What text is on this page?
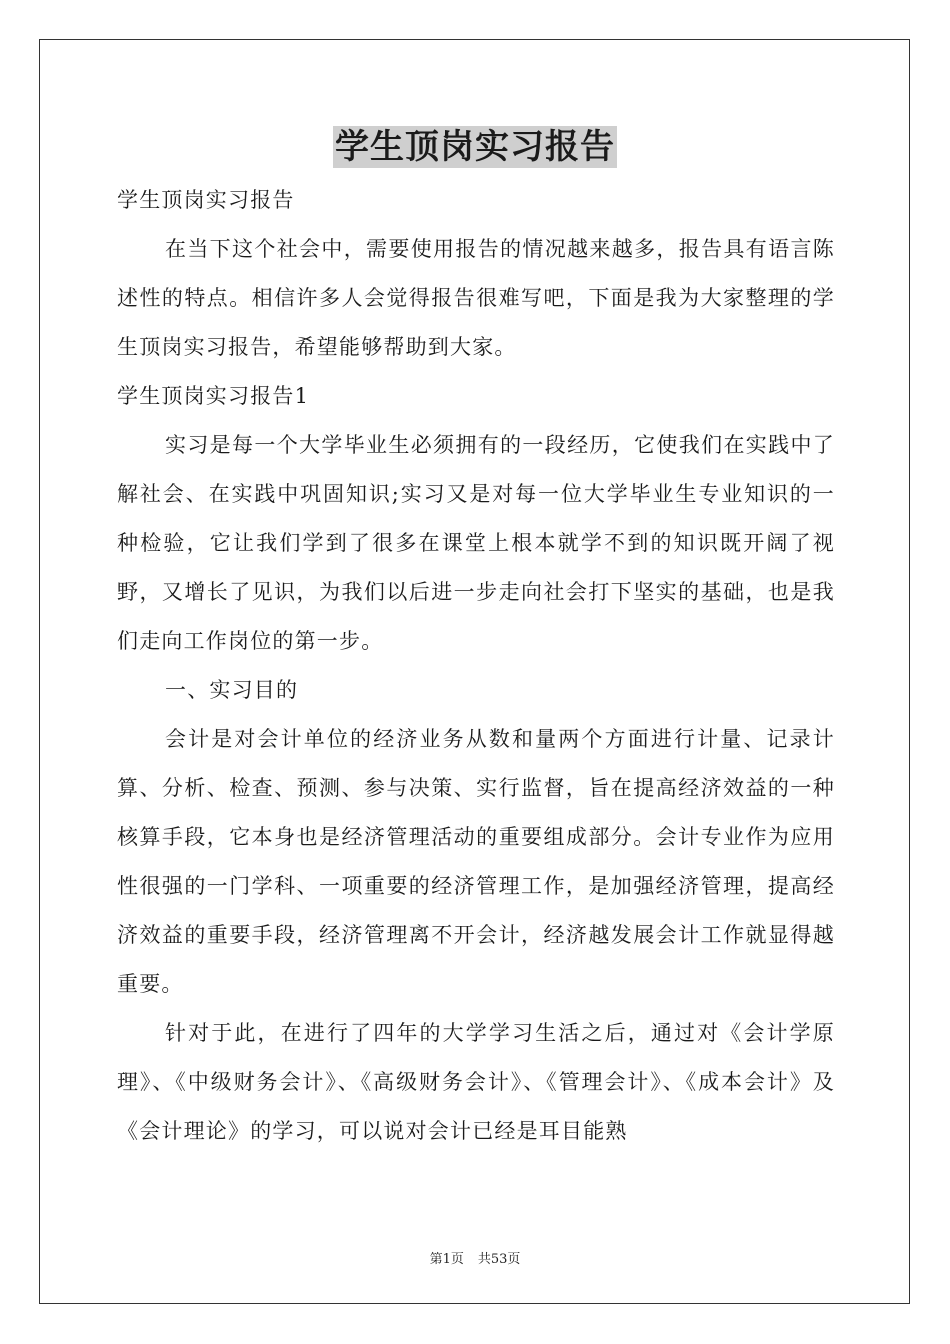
学生顶岗实习报告

学生顶岗实习报告

在当下这个社会中，需要使用报告的情况越来越多，报告具有语言陈述性的特点。相信许多人会觉得报告很难写吧，下面是我为大家整理的学生顶岗实习报告，希望能够帮助到大家。

学生顶岗实习报告1

实习是每一个大学毕业生必须拥有的一段经历，它使我们在实践中了解社会、在实践中巩固知识;实习又是对每一位大学毕业生专业知识的一种检验，它让我们学到了很多在课堂上根本就学不到的知识既开阔了视野，又增长了见识，为我们以后进一步走向社会打下坚实的基础，也是我们走向工作岗位的第一步。

一、实习目的

会计是对会计单位的经济业务从数和量两个方面进行计量、记录计算、分析、检查、预测、参与决策、实行监督，旨在提高经济效益的一种核算手段，它本身也是经济管理活动的重要组成部分。会计专业作为应用性很强的一门学科、一项重要的经济管理工作，是加强经济管理，提高经济效益的重要手段，经济管理离不开会计，经济越发展会计工作就显得越重要。

针对于此，在进行了四年的大学学习生活之后，通过对《会计学原理》、《中级财务会计》、《高级财务会计》、《管理会计》、《成本会计》及《会计理论》的学习，可以说对会计已经是耳目能熟

第1页 共53页
